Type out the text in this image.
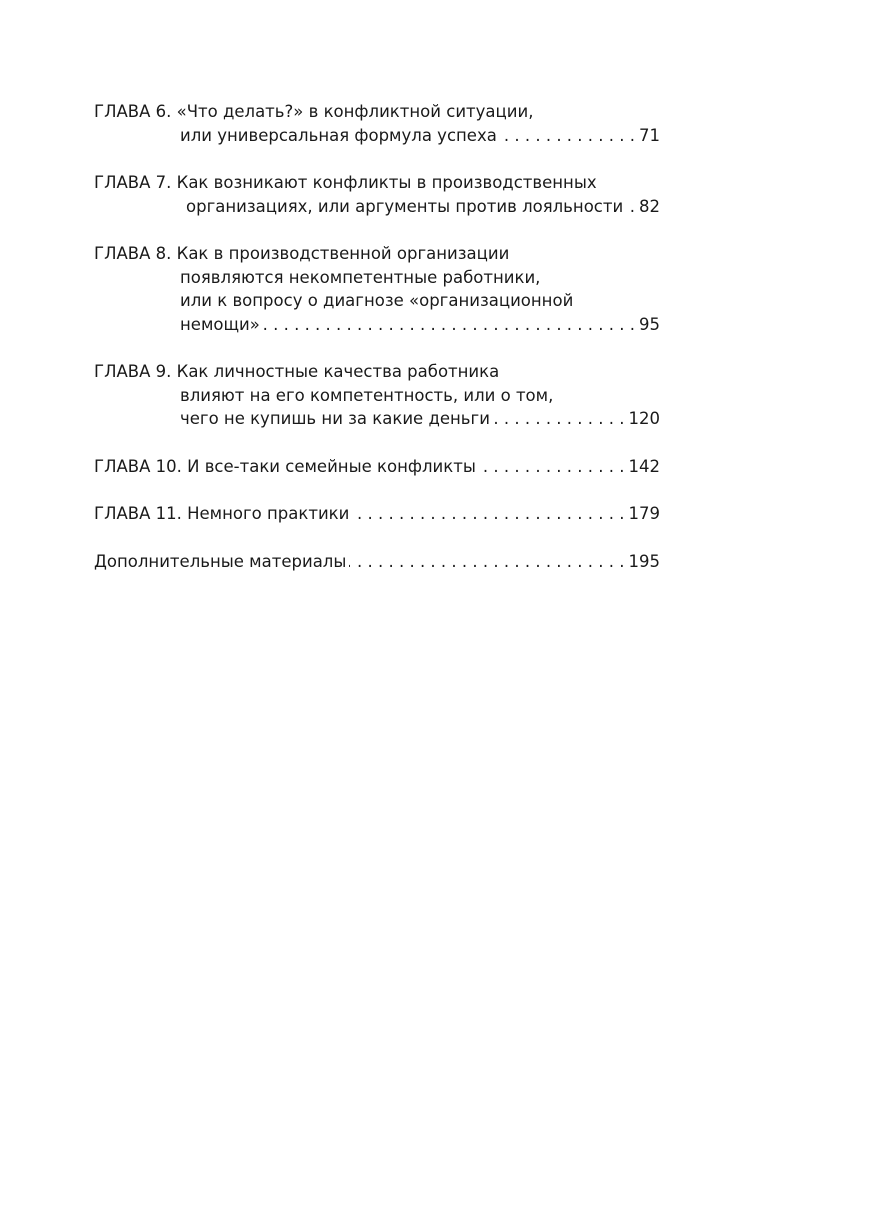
ГЛАВА 6. «Что делать?» в конфликтной ситуации,
или универсальная формула успеха . . .	71
ГЛАВА 7. Как возникают конфликты в производственных
организациях, или аргументы против лояльности . . . 82
ГЛАВА 8. Как в производственной организации
появляются некомпетентные работники,
или к вопросу о диагнозе «организационной
немощи» . . .	95
ГЛАВА 9. Как личностные качества работника
влияют на его компетентность, или о том,
чего не купишь ни за какие деньги . . .	120
ГЛАВА 10. И все-таки семейные конфликты . . .	142
ГЛАВА 11. Немного практики . . .	179
Дополнительные материалы . . .	195
